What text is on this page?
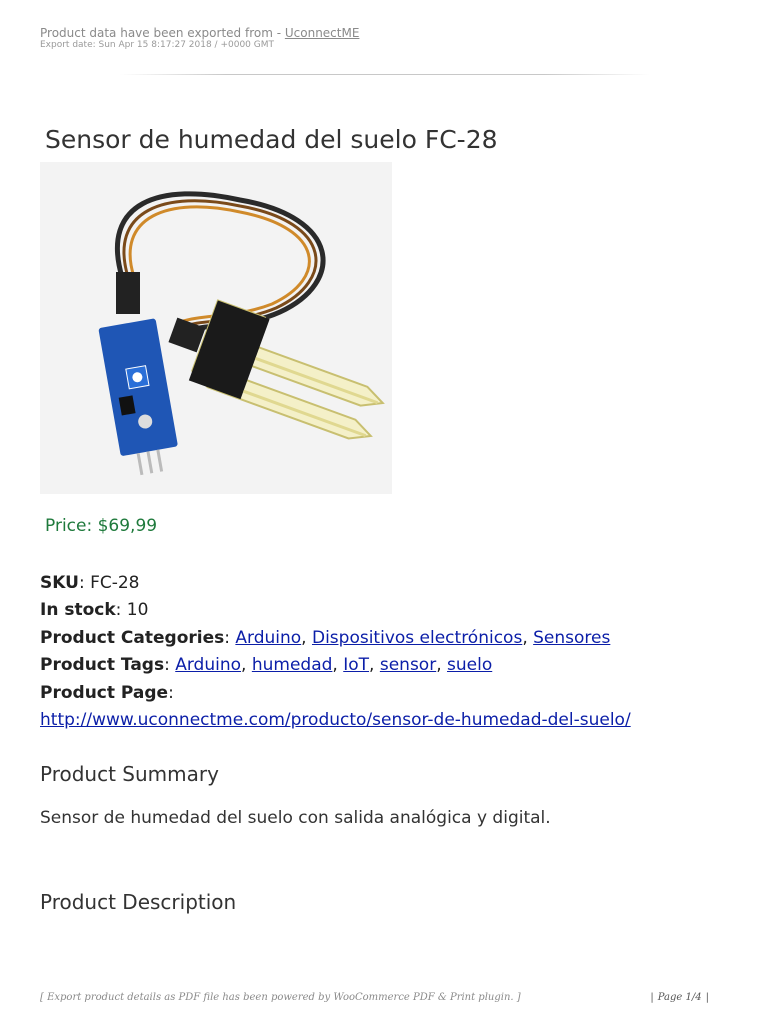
Product data have been exported from - UconnectME
Export date: Sun Apr 15 8:17:27 2018 / +0000 GMT
Sensor de humedad del suelo FC-28
Price: $69,99
SKU: FC-28
In stock: 10
Product Categories: Arduino, Dispositivos electrónicos, Sensores
Product Tags: Arduino, humedad, IoT, sensor, suelo
Product Page:
http://www.uconnectme.com/producto/sensor-de-humedad-del-suelo/
Product Summary
Sensor de humedad del suelo con salida analógica y digital.
Product Description
[ Export product details as PDF file has been powered by WooCommerce PDF & Print plugin. ]	| Page 1/4 |
